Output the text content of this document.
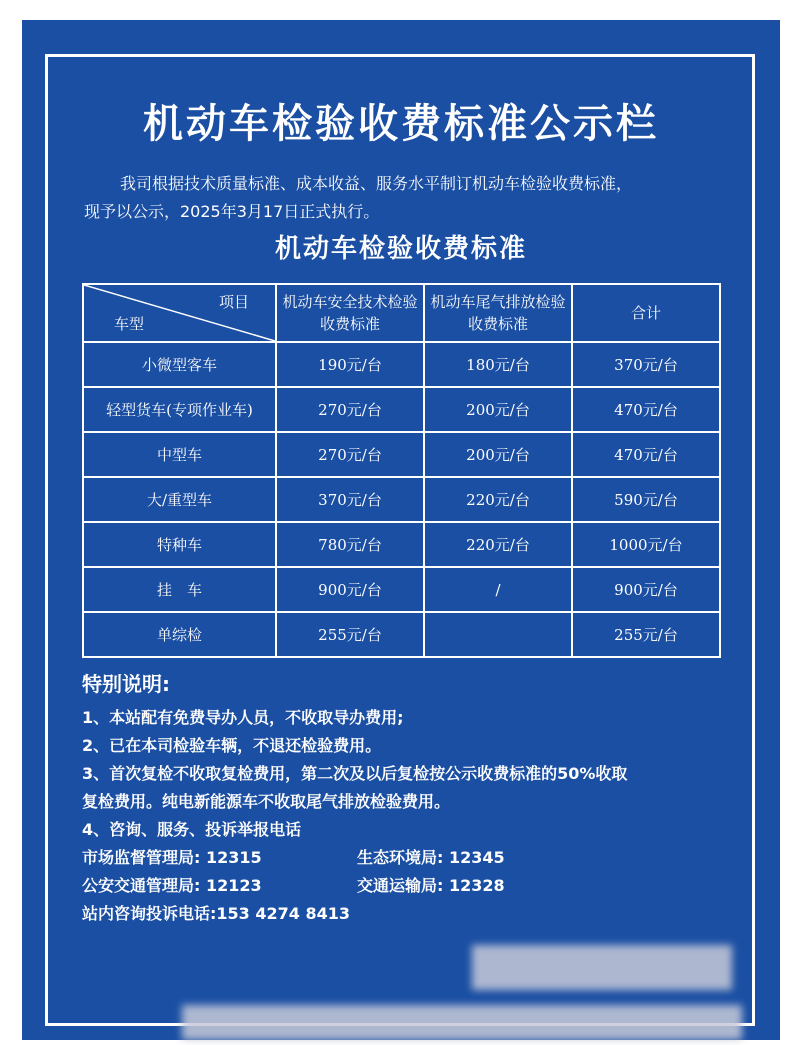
机动车检验收费标准公示栏
我司根据技术质量标准、成本收益、服务水平制订机动车检验收费标准，
现予以公示，2025年3月17日正式执行。
机动车检验收费标准
项目
车型	机动车安全技术检验收费标准	机动车尾气排放检验收费标准	合计
小微型客车	190元/台	180元/台	370元/台
轻型货车(专项作业车)	270元/台	200元/台	470元/台
中型车	270元/台	200元/台	470元/台
大/重型车	370元/台	220元/台	590元/台
特种车	780元/台	220元/台	1000元/台
挂　车	900元/台	/	900元/台
单综检	255元/台		255元/台
特别说明:
1、本站配有免费导办人员，不收取导办费用;
2、已在本司检验车辆，不退还检验费用。
3、首次复检不收取复检费用，第二次及以后复检按公示收费标准的50%收取
复检费用。纯电新能源车不收取尾气排放检验费用。
4、咨询、服务、投诉举报电话
市场监督管理局: 12315	生态环境局: 12345
公安交通管理局: 12123	交通运输局: 12328
站内咨询投诉电话:153 4274 8413
